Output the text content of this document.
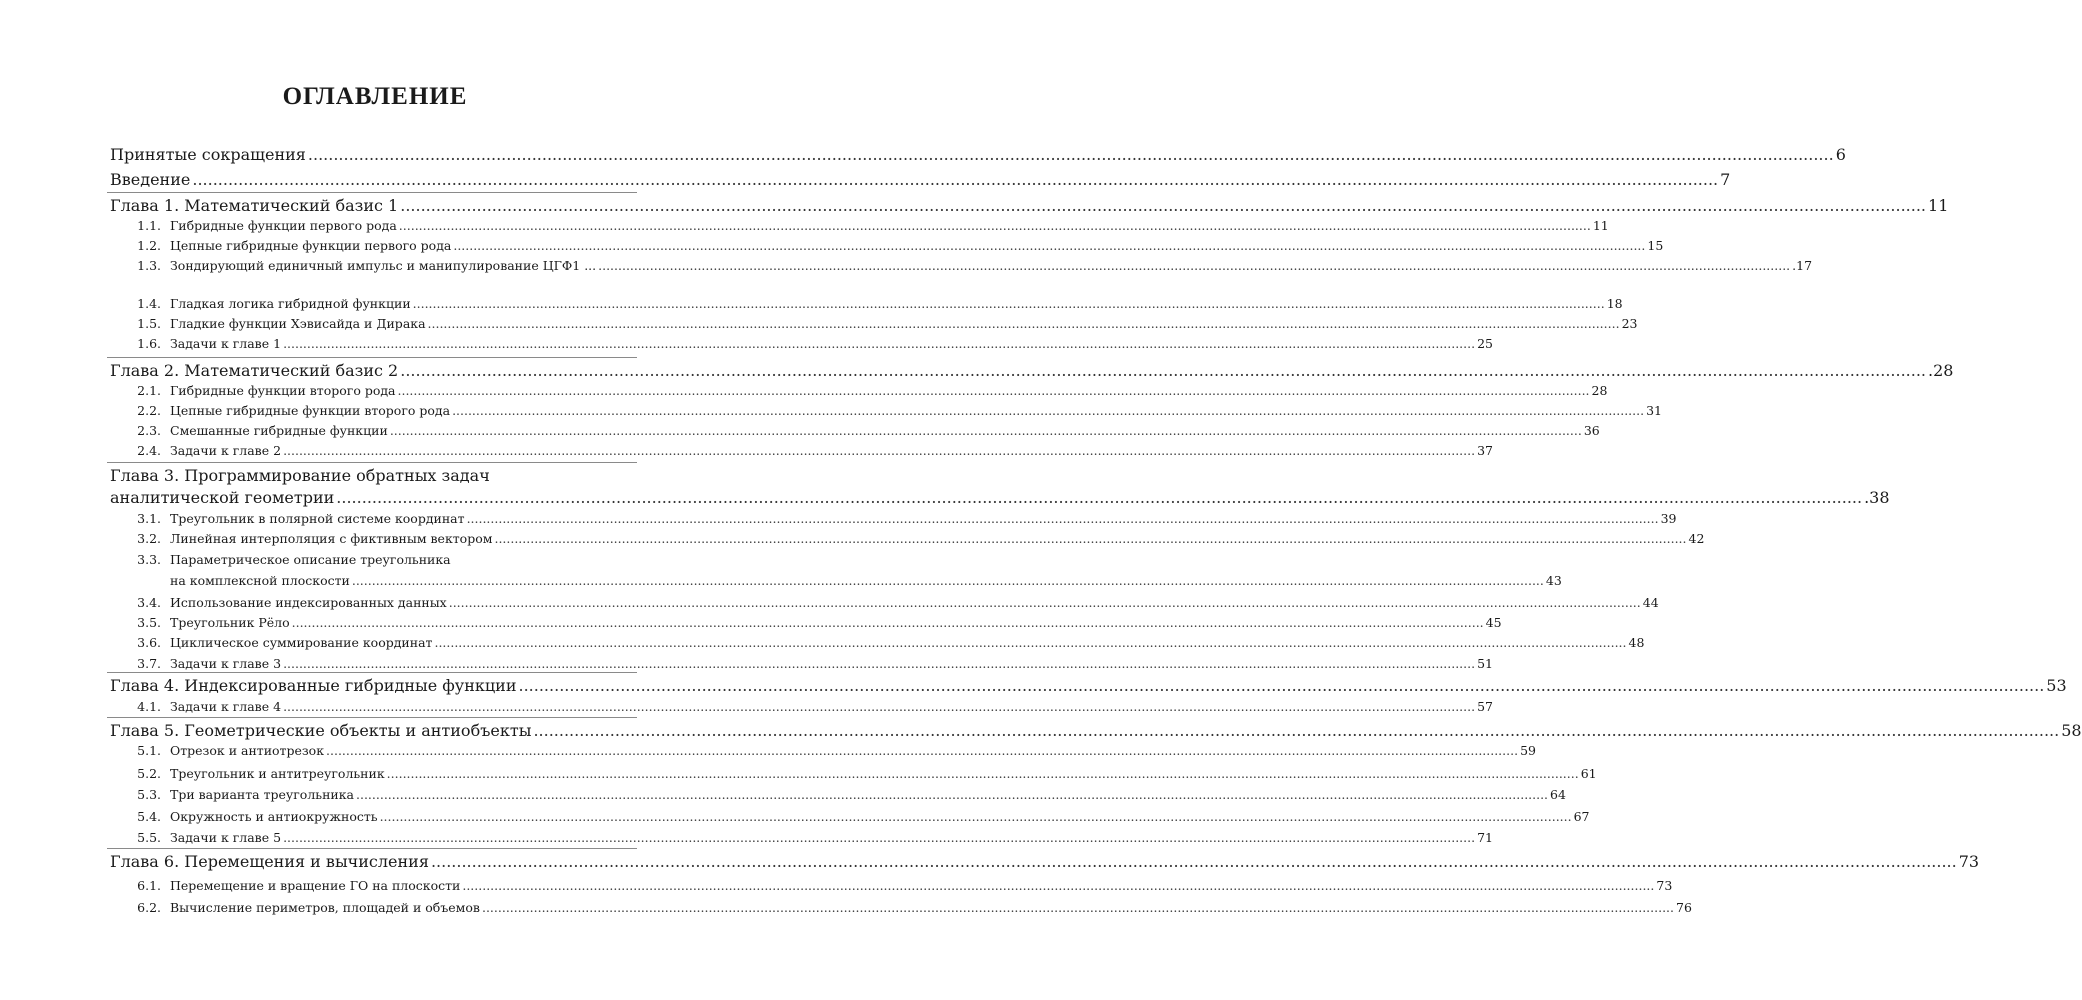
ОГЛАВЛЕНИЕ
Принятые сокращения ............................................................................................................................................................................................................................................................................................................ 6
Введение ............................................................................................................................................................................................................................................................................................................ 7
Глава 1. Математический базис 1 ............................................................................................................................................................................................................................................................................................................ 11
1.1. Гибридные функции первого рода ............................................................................................................................................................................................................................................................................................................ 11
1.2. Цепные гибридные функции первого рода ............................................................................................................................................................................................................................................................................................................ 15
1.3. Зондирующий единичный импульс и манипулирование ЦГФ1 ... ............................................................................................................................................................................................................................................................................................................ .17
1.4. Гладкая логика гибридной функции ............................................................................................................................................................................................................................................................................................................ 18
1.5. Гладкие функции Хэвисайда и Дирака ............................................................................................................................................................................................................................................................................................................ 23
1.6. Задачи к главе 1 ............................................................................................................................................................................................................................................................................................................ 25
Глава 2. Математический базис 2 ............................................................................................................................................................................................................................................................................................................ .28
2.1. Гибридные функции второго рода ............................................................................................................................................................................................................................................................................................................ 28
2.2. Цепные гибридные функции второго рода ............................................................................................................................................................................................................................................................................................................ 31
2.3. Смешанные гибридные функции ............................................................................................................................................................................................................................................................................................................ 36
2.4. Задачи к главе 2 ............................................................................................................................................................................................................................................................................................................ 37
Глава 3. Программирование обратных задач
аналитической геометрии ............................................................................................................................................................................................................................................................................................................ .38
3.1. Треугольник в полярной системе координат ............................................................................................................................................................................................................................................................................................................ 39
3.2. Линейная интерполяция с фиктивным вектором ............................................................................................................................................................................................................................................................................................................ 42
3.3. Параметрическое описание треугольника
на комплексной плоскости ............................................................................................................................................................................................................................................................................................................ 43
3.4. Использование индексированных данных ............................................................................................................................................................................................................................................................................................................ 44
3.5. Треугольник Рёло ............................................................................................................................................................................................................................................................................................................ 45
3.6. Циклическое суммирование координат ............................................................................................................................................................................................................................................................................................................ 48
3.7. Задачи к главе 3 ............................................................................................................................................................................................................................................................................................................ 51
Глава 4. Индексированные гибридные функции ............................................................................................................................................................................................................................................................................................................ 53
4.1. Задачи к главе 4 ............................................................................................................................................................................................................................................................................................................ 57
Глава 5. Геометрические объекты и антиобъекты ............................................................................................................................................................................................................................................................................................................ 58
5.1. Отрезок и антиотрезок ............................................................................................................................................................................................................................................................................................................ 59
5.2. Треугольник и антитреугольник ............................................................................................................................................................................................................................................................................................................ 61
5.3. Три варианта треугольника ............................................................................................................................................................................................................................................................................................................ 64
5.4. Окружность и антиокружность ............................................................................................................................................................................................................................................................................................................ 67
5.5. Задачи к главе 5 ............................................................................................................................................................................................................................................................................................................ 71
Глава 6. Перемещения и вычисления ............................................................................................................................................................................................................................................................................................................ 73
6.1. Перемещение и вращение ГО на плоскости ............................................................................................................................................................................................................................................................................................................ 73
6.2. Вычисление периметров, площадей и объемов ............................................................................................................................................................................................................................................................................................................ 76
